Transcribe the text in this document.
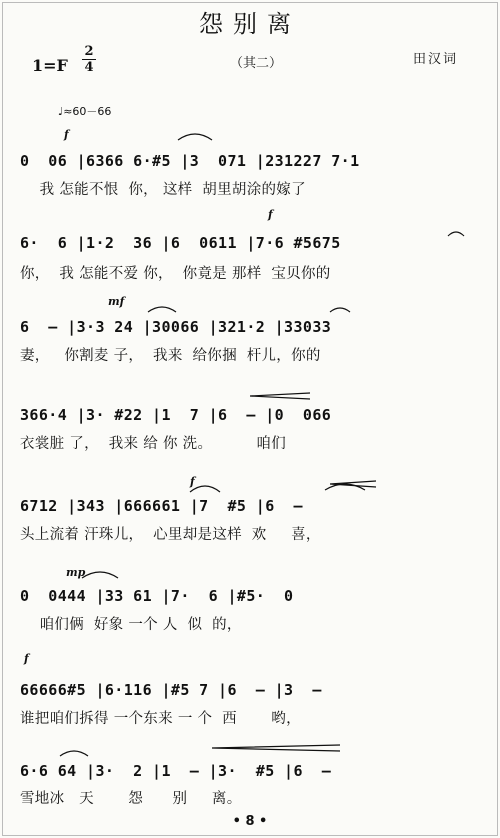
怨别离
1=F
2
4	（其二）	田汉词
♩≈60－66
f
0  06 |6366 6·#5 |3  071 |231227 7·1
我 怎能不恨  你， 这样  胡里胡涂的嫁了
f
6·  6 |1·2  36 |6  0611 |7·6 #5675
你，  我 怎能不爱 你，  你竟是 那样  宝贝你的
mf
6  — |3·3 24 |30066 |321·2 |33033
妻，   你割麦 子，  我来  给你捆  杆儿，你的
366·4 |3· #22 |1  7 |6  — |0  066
衣裳脏 了，  我来 给 你 洗。         咱们
f
6712 |343 |666661 |7  #5 |6  —
头上流着 汗珠儿，  心里却是这样  欢     喜，
mp
0  0444 |33 61 |7·  6 |#5·  0
咱们俩  好象 一个 人  似  的，
f
66666#5 |6·116 |#5 7 |6  — |3  —
谁把咱们拆得 一个东来 一 个  西       哟，
6·6 64 |3·  2 |1  — |3·  #5 |6  —
雪地冰   天       怨      别     离。
• 8 •
